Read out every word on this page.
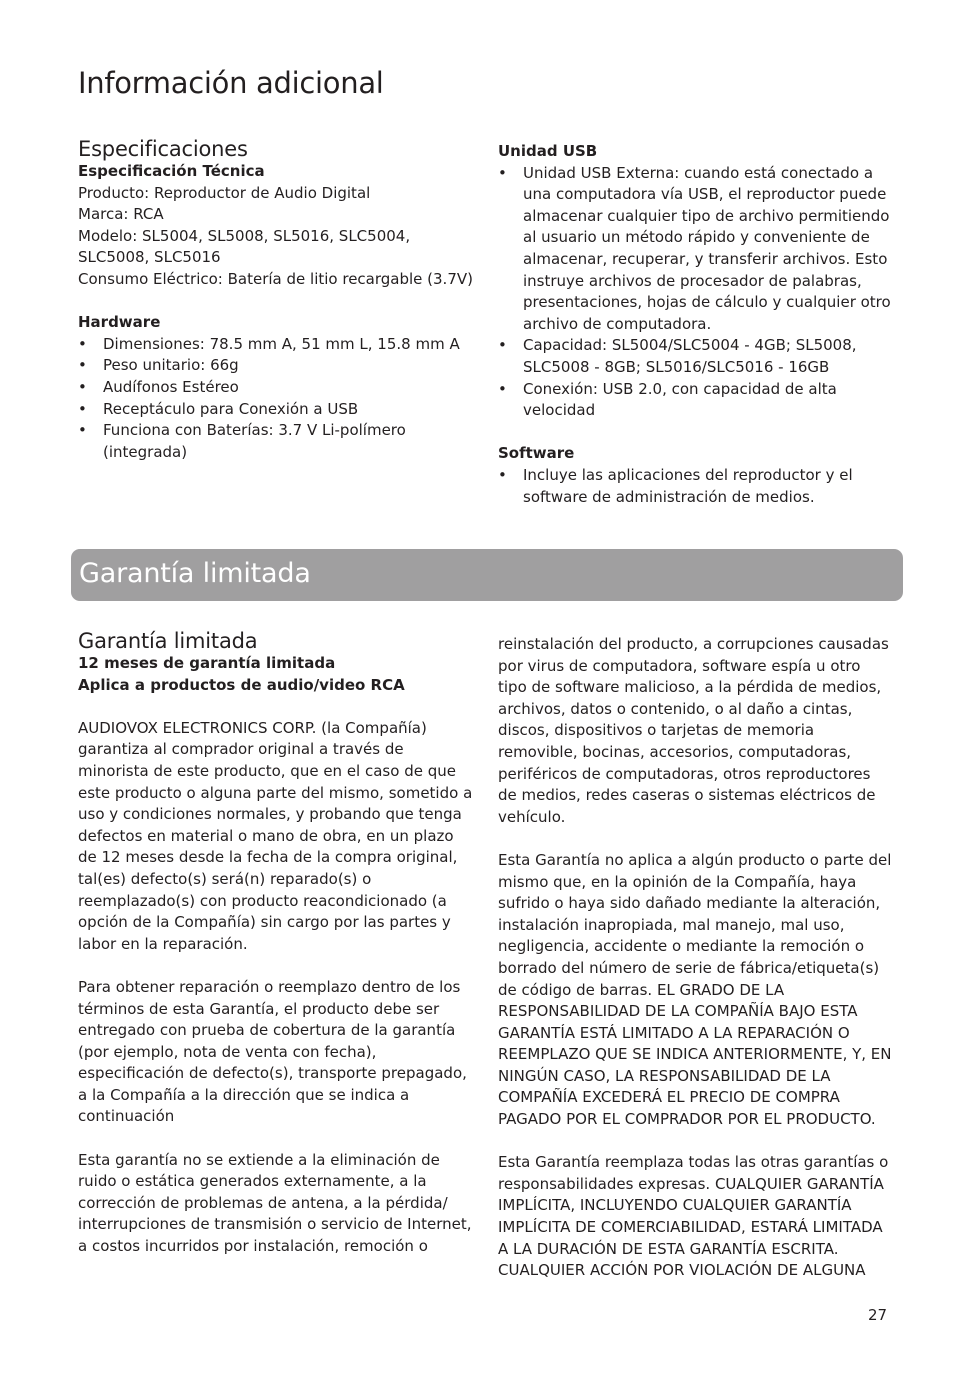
Información adicional
Especificaciones

Especificación Técnica

Producto: Reproductor de Audio Digital

Marca: RCA

Modelo: SL5004, SL5008, SL5016, SLC5004, SLC5008, SLC5016

Consumo Eléctrico: Batería de litio recargable (3.7V)

Hardware

• Dimensiones: 78.5 mm A, 51 mm L, 15.8 mm A
• Peso unitario: 66g
• Audífonos Estéreo
• Receptáculo para Conexión a USB
• Funciona con Baterías: 3.7 V Li-polímero (integrada)

Unidad USB

• Unidad USB Externa: cuando está conectado a una computadora vía USB, el reproductor puede almacenar cualquier tipo de archivo permitiendo al usuario un método rápido y conveniente de almacenar, recuperar, y transferir archivos. Esto instruye archivos de procesador de palabras, presentaciones, hojas de cálculo y cualquier otro archivo de computadora.
• Capacidad: SL5004/SLC5004 - 4GB; SL5008, SLC5008 - 8GB; SL5016/SLC5016 - 16GB
• Conexión: USB 2.0, con capacidad de alta velocidad

Software

• Incluye las aplicaciones del reproductor y el software de administración de medios.
Garantía limitada
Garantía limitada

12 meses de garantía limitada

Aplica a productos de audio/video RCA

AUDIOVOX ELECTRONICS CORP. (la Compañía) garantiza al comprador original a través de minorista de este producto, que en el caso de que este producto o alguna parte del mismo, sometido a uso y condiciones normales, y probando que tenga defectos en material o mano de obra, en un plazo de 12 meses desde la fecha de la compra original, tal(es) defecto(s) será(n) reparado(s) o reemplazado(s) con producto reacondicionado (a opción de la Compañía) sin cargo por las partes y labor en la reparación.

Para obtener reparación o reemplazo dentro de los términos de esta Garantía, el producto debe ser entregado con prueba de cobertura de la garantía (por ejemplo, nota de venta con fecha), especificación de defecto(s), transporte prepagado, a la Compañía a la dirección que se indica a continuación

Esta garantía no se extiende a la eliminación de ruido o estática generados externamente, a la corrección de problemas de antena, a la pérdida/ interrupciones de transmisión o servicio de Internet, a costos incurridos por instalación, remoción o

reinstalación del producto, a corrupciones causadas por virus de computadora, software espía u otro tipo de software malicioso, a la pérdida de medios, archivos, datos o contenido, o al daño a cintas, discos, dispositivos o tarjetas de memoria removible, bocinas, accesorios, computadoras, periféricos de computadoras, otros reproductores de medios, redes caseras o sistemas eléctricos de vehículo.

Esta Garantía no aplica a algún producto o parte del mismo que, en la opinión de la Compañía, haya sufrido o haya sido dañado mediante la alteración, instalación inapropiada, mal manejo, mal uso, negligencia, accidente o mediante la remoción o borrado del número de serie de fábrica/etiqueta(s) de código de barras. EL GRADO DE LA RESPONSABILIDAD DE LA COMPAÑÍA BAJO ESTA GARANTÍA ESTÁ LIMITADO A LA REPARACIÓN O REEMPLAZO QUE SE INDICA ANTERIORMENTE, Y, EN NINGÚN CASO, LA RESPONSABILIDAD DE LA COMPAÑÍA EXCEDERÁ EL PRECIO DE COMPRA PAGADO POR EL COMPRADOR POR EL PRODUCTO.

Esta Garantía reemplaza todas las otras garantías o responsabilidades expresas. CUALQUIER GARANTÍA IMPLÍCITA, INCLUYENDO CUALQUIER GARANTÍA IMPLÍCITA DE COMERCIABILIDAD, ESTARÁ LIMITADA A LA DURACIÓN DE ESTA GARANTÍA ESCRITA. CUALQUIER ACCIÓN POR VIOLACIÓN DE ALGUNA

27
